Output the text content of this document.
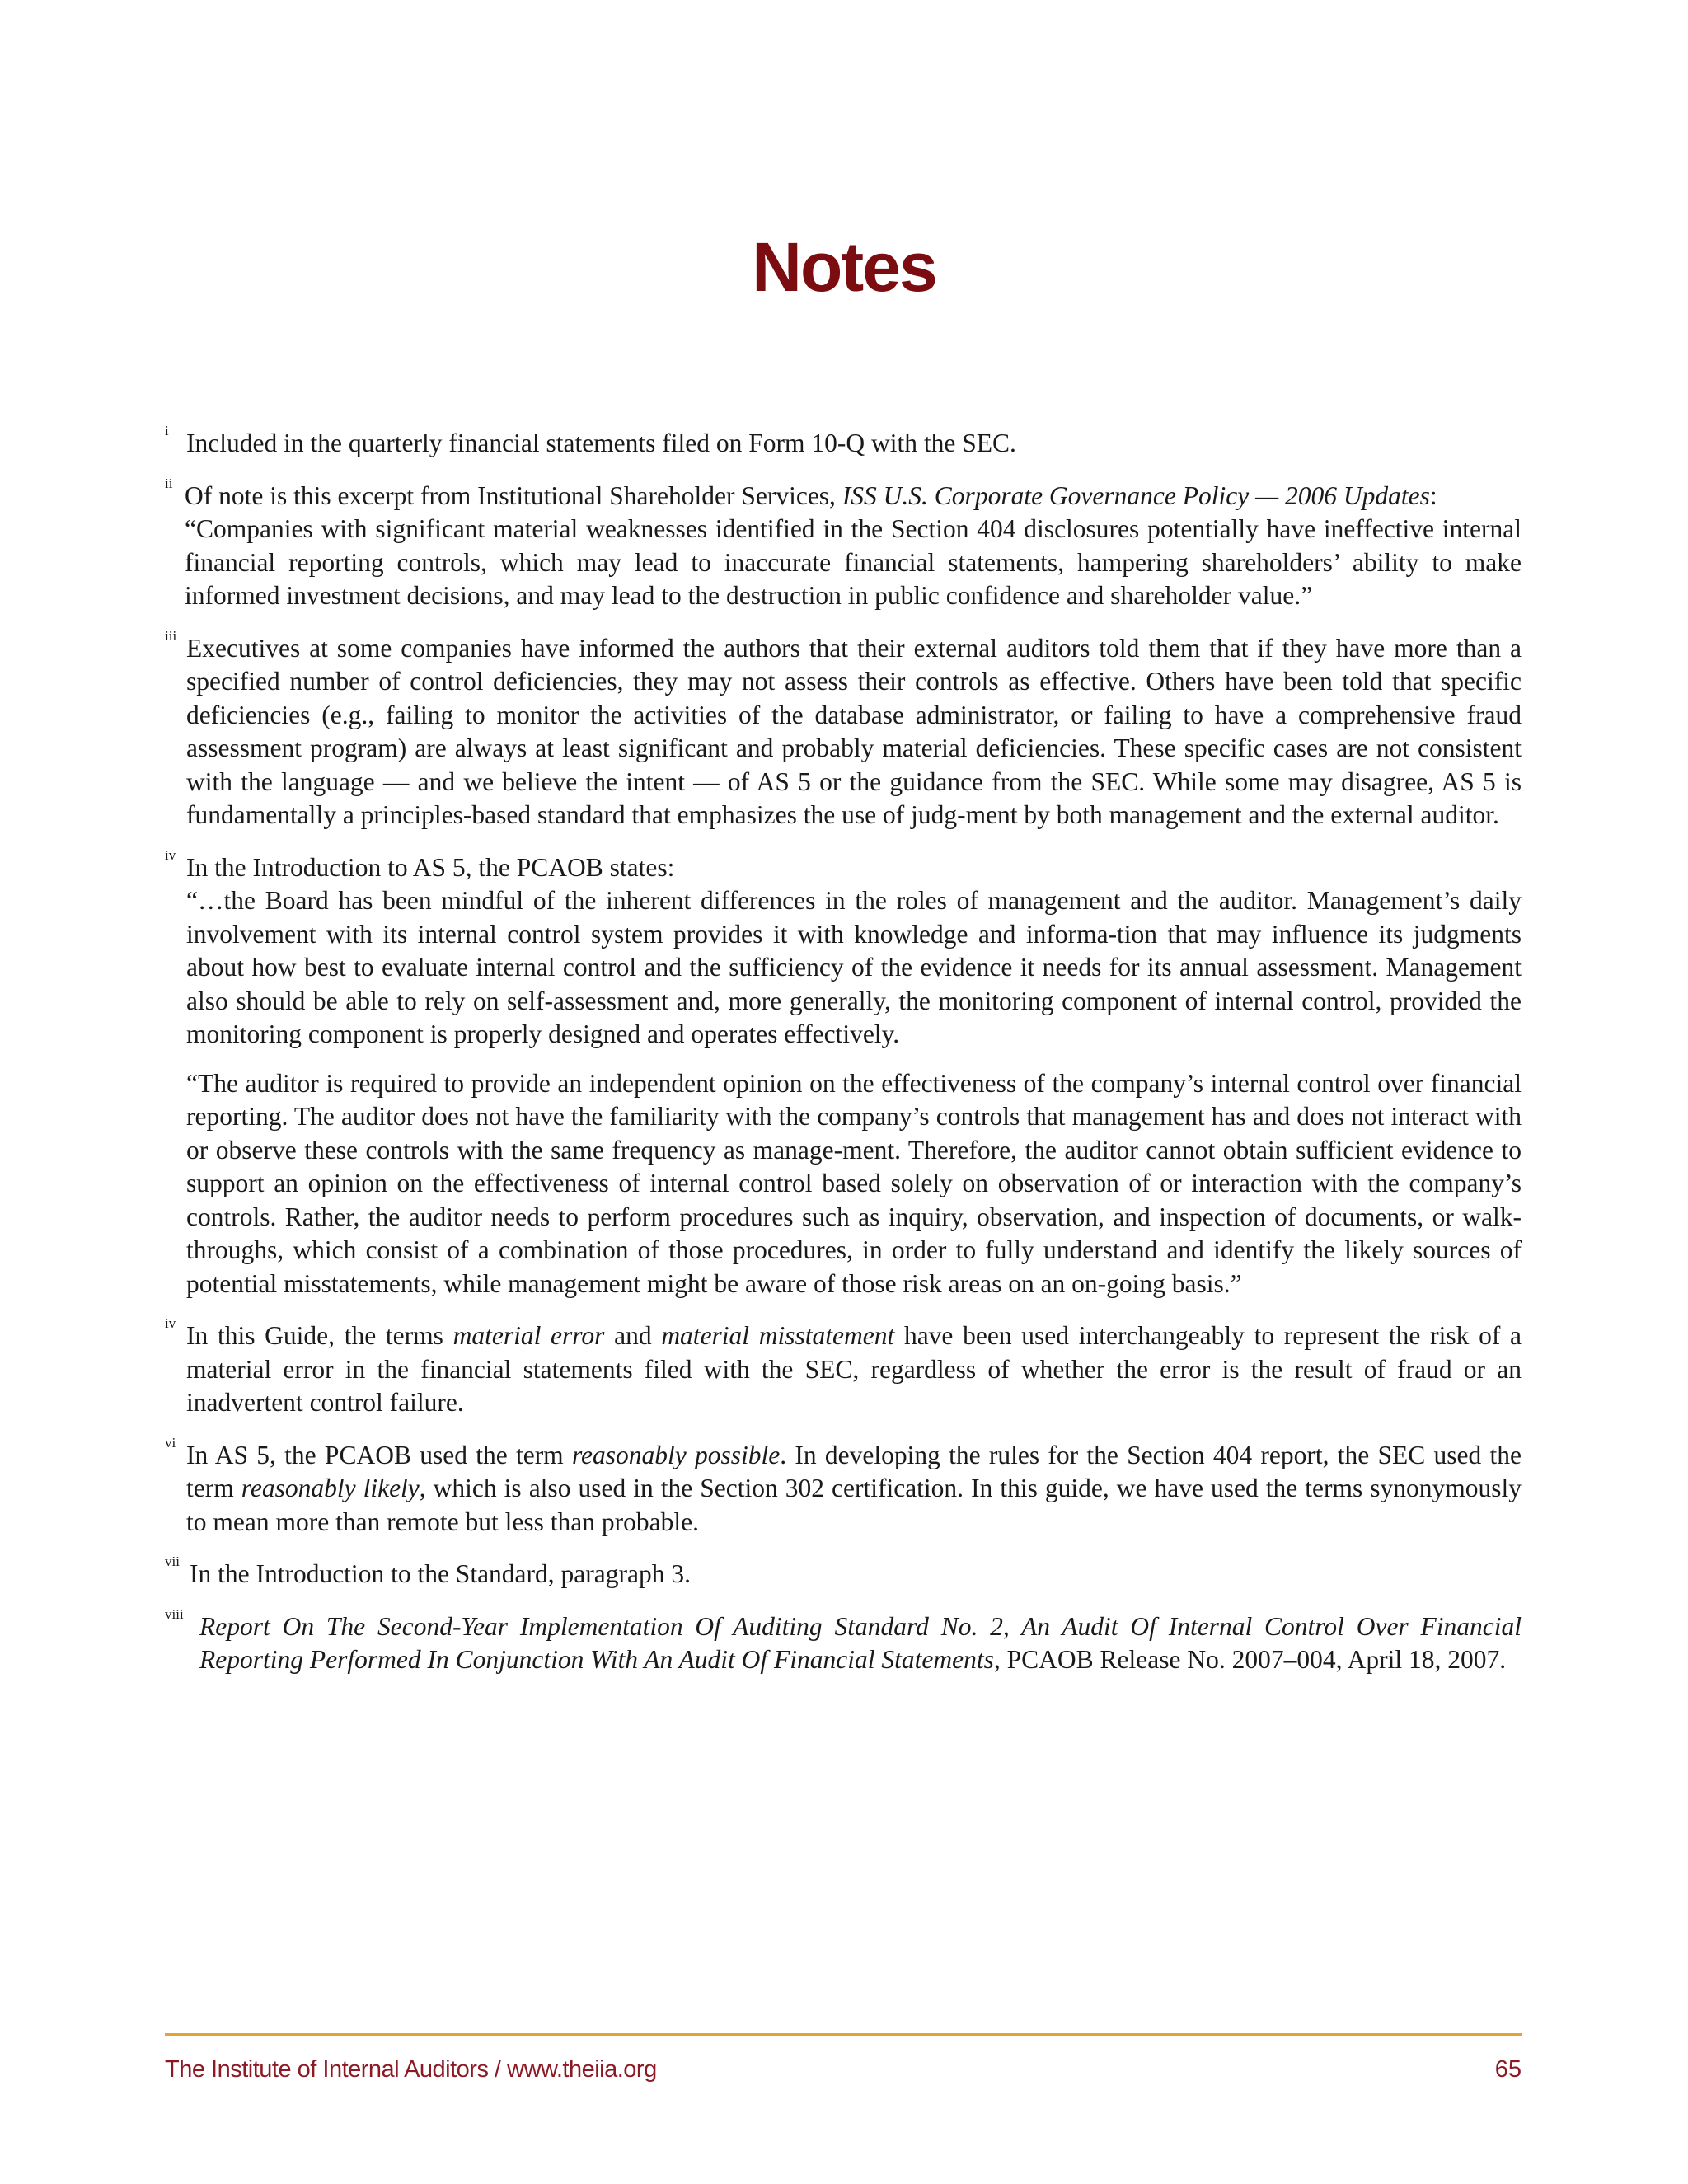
Notes
i Included in the quarterly financial statements filed on Form 10-Q with the SEC.

ii Of note is this excerpt from Institutional Shareholder Services, ISS U.S. Corporate Governance Policy — 2006 Updates:

“Companies with significant material weaknesses identified in the Section 404 disclosures potentially have ineffective internal financial reporting controls, which may lead to inaccurate financial statements, hampering shareholders’ ability to make informed investment decisions, and may lead to the destruction in public confidence and shareholder value.”

iii Executives at some companies have informed the authors that their external auditors told them that if they have more than a specified number of control deficiencies, they may not assess their controls as effective. Others have been told that specific deficiencies (e.g., failing to monitor the activities of the database administrator, or failing to have a comprehensive fraud assessment program) are always at least significant and probably material deficiencies. These specific cases are not consistent with the language — and we believe the intent — of AS 5 or the guidance from the SEC. While some may disagree, AS 5 is fundamentally a principles-based standard that emphasizes the use of judg-ment by both management and the external auditor.

iv In the Introduction to AS 5, the PCAOB states:

“…the Board has been mindful of the inherent differences in the roles of management and the auditor. Management’s daily involvement with its internal control system provides it with knowledge and informa-tion that may influence its judgments about how best to evaluate internal control and the sufficiency of the evidence it needs for its annual assessment. Management also should be able to rely on self-assessment and, more generally, the monitoring component of internal control, provided the monitoring component is properly designed and operates effectively.

“The auditor is required to provide an independent opinion on the effectiveness of the company’s internal control over financial reporting. The auditor does not have the familiarity with the company’s controls that management has and does not interact with or observe these controls with the same frequency as manage-ment. Therefore, the auditor cannot obtain sufficient evidence to support an opinion on the effectiveness of internal control based solely on observation of or interaction with the company’s controls. Rather, the auditor needs to perform procedures such as inquiry, observation, and inspection of documents, or walk-throughs, which consist of a combination of those procedures, in order to fully understand and identify the likely sources of potential misstatements, while management might be aware of those risk areas on an on-going basis.”

iv In this Guide, the terms material error and material misstatement have been used interchangeably to represent the risk of a material error in the financial statements filed with the SEC, regardless of whether the error is the result of fraud or an inadvertent control failure.

vi In AS 5, the PCAOB used the term reasonably possible. In developing the rules for the Section 404 report, the SEC used the term reasonably likely, which is also used in the Section 302 certification. In this guide, we have used the terms synonymously to mean more than remote but less than probable.

vii In the Introduction to the Standard, paragraph 3.

viii Report On The Second-Year Implementation Of Auditing Standard No. 2, An Audit Of Internal Control Over Financial Reporting Performed In Conjunction With An Audit Of Financial Statements, PCAOB Release No. 2007–004, April 18, 2007.

The Institute of Internal Auditors / www.theiia.org	65
